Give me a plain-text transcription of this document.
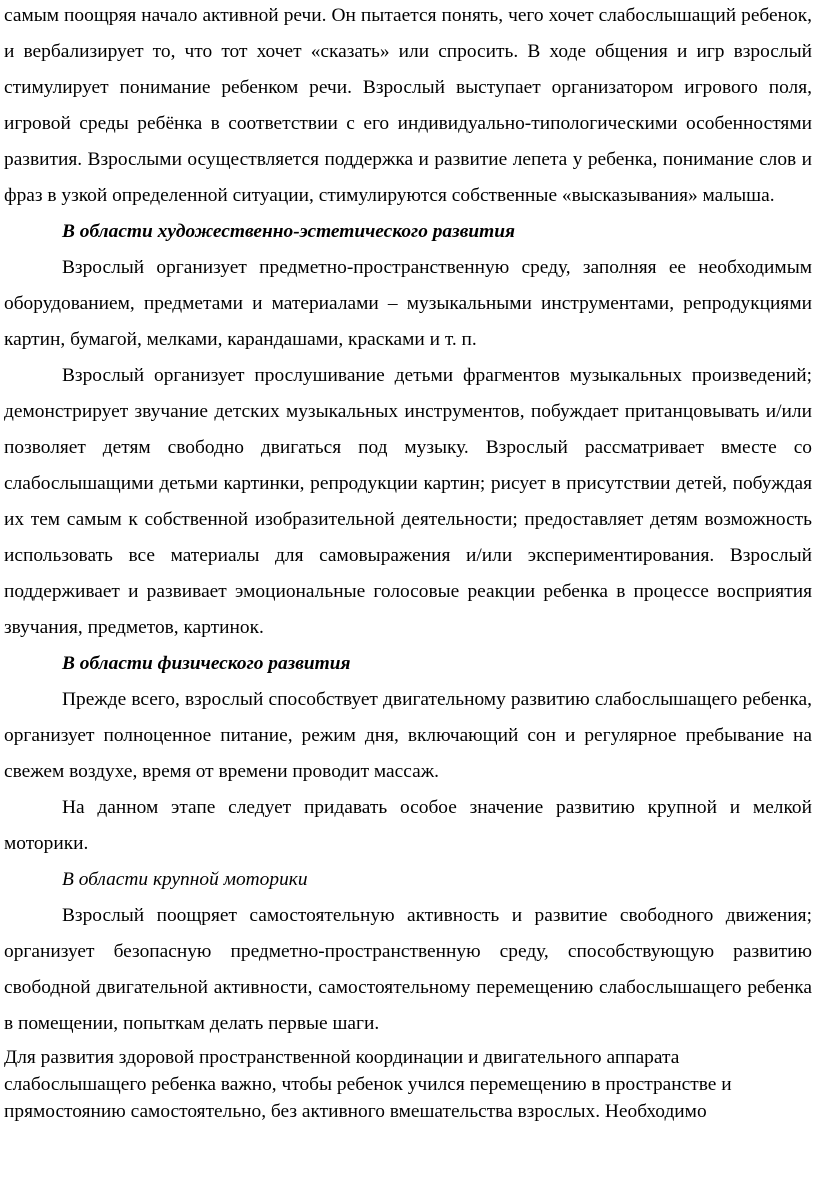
самым поощряя начало активной речи. Он пытается понять, чего хочет слабослышащий ребенок, и вербализирует то, что тот хочет «сказать» или спросить. В ходе общения и игр взрослый стимулирует понимание ребенком речи. Взрослый выступает организатором игрового поля, игровой среды ребёнка в соответствии с его индивидуально-типологическими особенностями развития. Взрослыми осуществляется поддержка и развитие лепета у ребенка, понимание слов и фраз в узкой определенной ситуации, стимулируются собственные «высказывания» малыша.

В области художественно-эстетического развития

Взрослый организует предметно-пространственную среду, заполняя ее необходимым оборудованием, предметами и материалами – музыкальными инструментами, репродукциями картин, бумагой, мелками, карандашами, красками и т. п.

Взрослый организует прослушивание детьми фрагментов музыкальных произведений; демонстрирует звучание детских музыкальных инструментов, побуждает пританцовывать и/или позволяет детям свободно двигаться под музыку. Взрослый рассматривает вместе со слабослышащими детьми картинки, репродукции картин; рисует в присутствии детей, побуждая их тем самым к собственной изобразительной деятельности; предоставляет детям возможность использовать все материалы для самовыражения и/или экспериментирования. Взрослый поддерживает и развивает эмоциональные голосовые реакции ребенка в процессе восприятия звучания, предметов, картинок.

В области физического развития

Прежде всего, взрослый способствует двигательному развитию слабослышащего ребенка, организует полноценное питание, режим дня, включающий сон и регулярное пребывание на свежем воздухе, время от времени проводит массаж.

На данном этапе следует придавать особое значение развитию крупной и мелкой моторики.

В области крупной моторики

Взрослый поощряет самостоятельную активность и развитие свободного движения; организует безопасную предметно-пространственную среду, способствующую развитию свободной двигательной активности, самостоятельному перемещению слабослышащего ребенка в помещении, попыткам делать первые шаги.

Для развития здоровой пространственной координации и двигательного аппарата слабослышащего ребенка важно, чтобы ребенок учился перемещению в пространстве и прямостоянию самостоятельно, без активного вмешательства взрослых. Необходимо
